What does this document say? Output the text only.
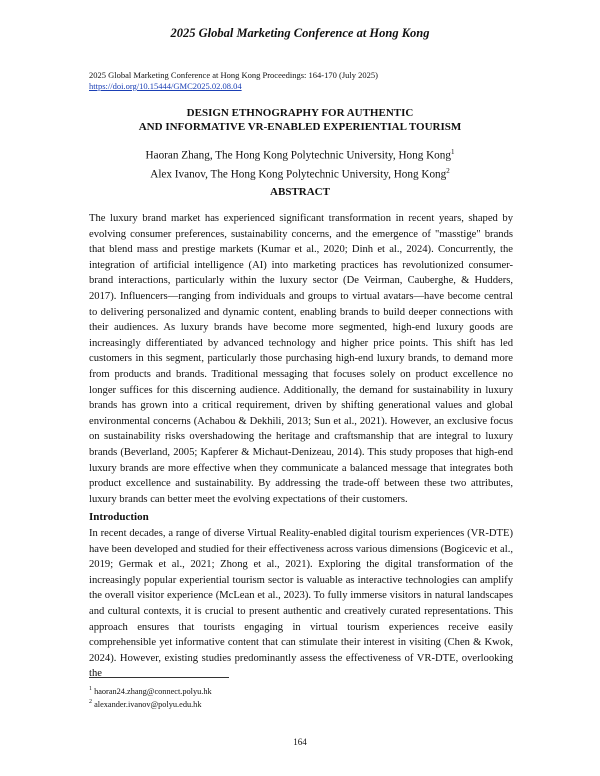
2025 Global Marketing Conference at Hong Kong
2025 Global Marketing Conference at Hong Kong Proceedings: 164-170 (July 2025)
https://doi.org/10.15444/GMC2025.02.08.04
DESIGN ETHNOGRAPHY FOR AUTHENTIC
AND INFORMATIVE VR-ENABLED EXPERIENTIAL TOURISM
Haoran Zhang, The Hong Kong Polytechnic University, Hong Kong$^1$
Alex Ivanov, The Hong Kong Polytechnic University, Hong Kong$^2$
ABSTRACT

The luxury brand market has experienced significant transformation in recent years, shaped by evolving consumer preferences, sustainability concerns, and the emergence of "masstige" brands that blend mass and prestige markets (Kumar et al., 2020; Dinh et al., 2024). Concurrently, the integration of artificial intelligence (AI) into marketing practices has revolutionized consumer-brand interactions, particularly within the luxury sector (De Veirman, Cauberghe, & Hudders, 2017). Influencers—ranging from individuals and groups to virtual avatars—have become central to delivering personalized and dynamic content, enabling brands to build deeper connections with their audiences. As luxury brands have become more segmented, high-end luxury goods are increasingly differentiated by advanced technology and higher price points. This shift has led customers in this segment, particularly those purchasing high-end luxury brands, to demand more from products and brands. Traditional messaging that focuses solely on product excellence no longer suffices for this discerning audience. Additionally, the demand for sustainability in luxury brands has grown into a critical requirement, driven by shifting generational values and global environmental concerns (Achabou & Dekhili, 2013; Sun et al., 2021). However, an exclusive focus on sustainability risks overshadowing the heritage and craftsmanship that are integral to luxury brands (Beverland, 2005; Kapferer & Michaut-Denizeau, 2014). This study proposes that high-end luxury brands are more effective when they communicate a balanced message that integrates both product excellence and sustainability. By addressing the trade-off between these two attributes, luxury brands can better meet the evolving expectations of their customers.

Introduction

In recent decades, a range of diverse Virtual Reality-enabled digital tourism experiences (VR-DTE) have been developed and studied for their effectiveness across various dimensions (Bogicevic et al., 2019; Germak et al., 2021; Zhong et al., 2021). Exploring the digital transformation of the increasingly popular experiential tourism sector is valuable as interactive technologies can amplify the overall visitor experience (McLean et al., 2023). To fully immerse visitors in natural landscapes and cultural contexts, it is crucial to present authentic and creatively curated representations. This approach ensures that tourists engaging in virtual tourism experiences receive easily comprehensible yet informative content that can stimulate their interest in visiting (Chen & Kwok, 2024). However, existing studies predominantly assess the effectiveness of VR-DTE, overlooking the

$^1$ haoran24.zhang@connect.polyu.hk
$^2$ alexander.ivanov@polyu.edu.hk
164
